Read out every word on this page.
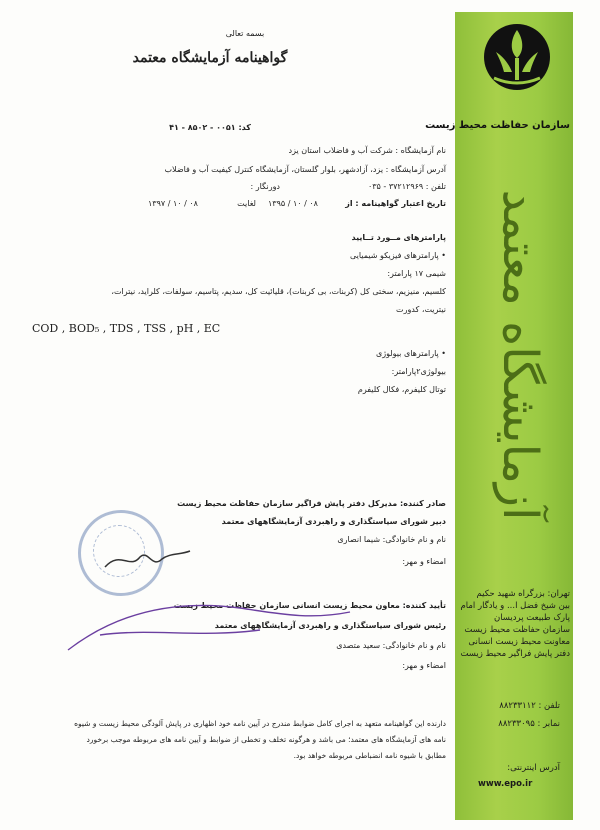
سازمان حفاظت محیط زیست
آزمایشگاه معتمد
تهران: بزرگراه شهید حکیم
بین شیخ فضل ا... و یادگار امام
پارک طبیعت پردیسان
سازمان حفاظت محیط زیست
معاونت محیط زیست انسانی
دفتر پایش فراگیر محیط زیست
تلفن : ۸۸۲۳۳۱۱۲
نمابر : ۸۸۲۳۳۰۹۵
آدرس اینترنتی:
www.epo.ir
بسمه تعالی
گواهینامه آزمایشگاه معتمد
کد: ۰۰۵۱ - ۸۵۰۲ - ۴۱
نام آزمایشگاه : شرکت آب و فاضلاب استان یزد
آدرس آزمایشگاه : یزد، آزادشهر، بلوار گلستان، آزمایشگاه کنترل کیفیت آب و فاضلاب
تلفن : ۳۷۲۱۲۹۶۹ - ۰۳۵
دورنگار :
تاریخ اعتبار گواهینامه : از
۱۳۹۵ / ۱۰ / ۰۸
لغایت
۱۳۹۷ / ۱۰ / ۰۸
پارامترهای مــورد تــایید
• پارامترهای فیزیکو شیمیایی
شیمی ۱۷ پارامتر:
کلسیم، منیزیم، سختی کل (کربنات، بی کربنات)، قلیائیت کل، سدیم، پتاسیم، سولفات، کلراید، نیترات،
نیتریت، کدورت
COD , BOD₅ , TDS , TSS , pH , EC
• پارامترهای بیولوژی
بیولوژی۲پارامتر:
توتال کلیفرم، فکال کلیفرم
صادر کننده: مدیرکل دفتر پایش فراگیر سازمان حفاظت محیط زیست
دبیر شورای سیاستگذاری و راهبردی آزمایشگاههای معتمد
نام و نام خانوادگی: شیما انصاری
امضاء و مهر:
تأیید کننده: معاون محیط زیست انسانی سازمان حفاظت محیط زیست
رئیس شورای سیاستگذاری و راهبردی آزمایشگاههای معتمد
نام و نام خانوادگی: سعید متصدی
امضاء و مهر:
دارنده این گواهینامه متعهد به اجرای کامل ضوابط مندرج در آیین نامه خود اظهاری در پایش آلودگی محیط زیست و شیوه
نامه های آزمایشگاه های معتمد؛ می باشد و هرگونه تخلف و تخطی از ضوابط و آیین نامه های مربوطه موجب برخورد
مطابق با شیوه نامه انضباطی مربوطه خواهد بود.
